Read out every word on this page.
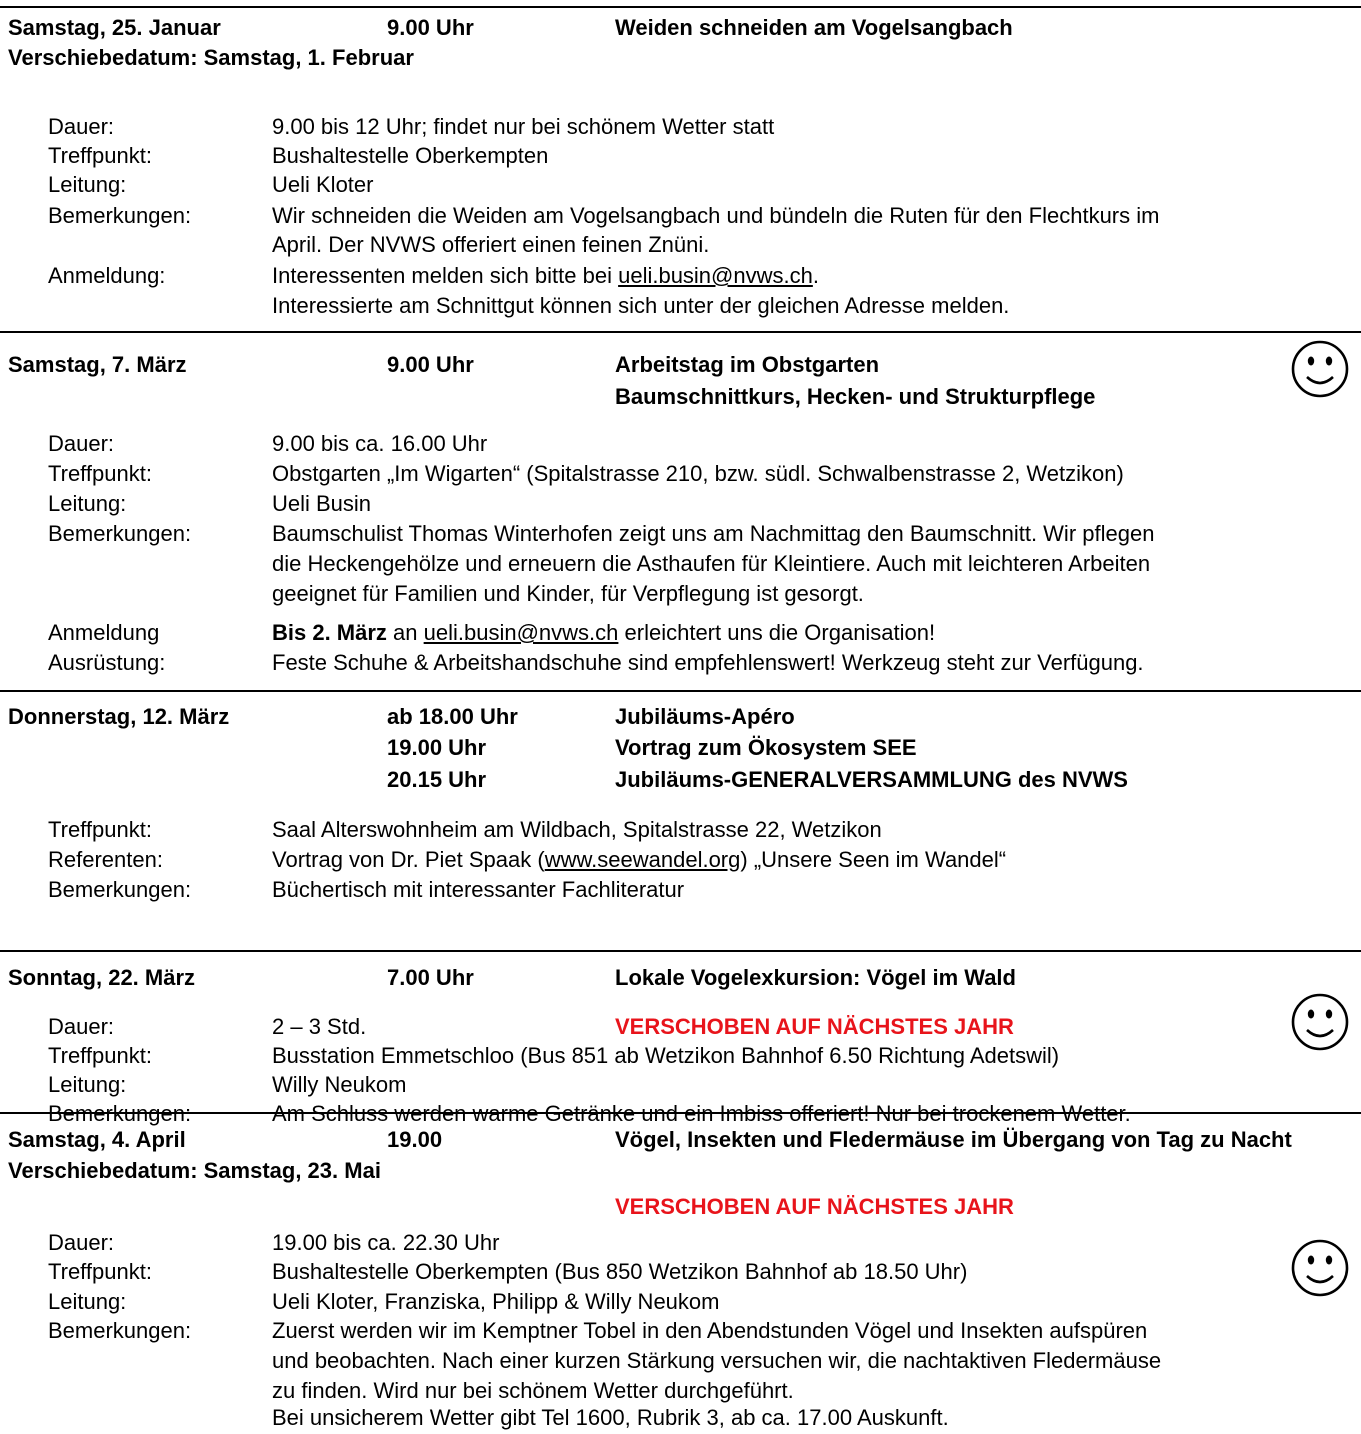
Samstag, 25. Januar	9.00 Uhr	Weiden schneiden am Vogelsangbach
Verschiebedatum: Samstag, 1. Februar
Dauer:	9.00 bis 12 Uhr; findet nur bei schönem Wetter statt
Treffpunkt:	Bushaltestelle Oberkempten
Leitung:	Ueli Kloter
Bemerkungen:	Wir schneiden die Weiden am Vogelsangbach und bündeln die Ruten für den Flechtkurs im
April. Der NVWS offeriert einen feinen Znüni.
Anmeldung:	Interessenten melden sich bitte bei ueli.busin@nvws.ch.
Interessierte am Schnittgut können sich unter der gleichen Adresse melden.
Samstag, 7. März	9.00 Uhr	Arbeitstag im Obstgarten
Baumschnittkurs, Hecken- und Strukturpflege
Dauer:	9.00 bis ca. 16.00 Uhr
Treffpunkt:	Obstgarten „Im Wigarten“ (Spitalstrasse 210, bzw. südl. Schwalbenstrasse 2, Wetzikon)
Leitung:	Ueli Busin
Bemerkungen:	Baumschulist Thomas Winterhofen zeigt uns am Nachmittag den Baumschnitt. Wir pflegen
die Heckengehölze und erneuern die Asthaufen für Kleintiere. Auch mit leichteren Arbeiten
geeignet für Familien und Kinder, für Verpflegung ist gesorgt.
Anmeldung	Bis 2. März an ueli.busin@nvws.ch erleichtert uns die Organisation!
Ausrüstung:	Feste Schuhe & Arbeitshandschuhe sind empfehlenswert! Werkzeug steht zur Verfügung.
Donnerstag, 12. März	ab 18.00 Uhr	Jubiläums-Apéro
19.00 Uhr	Vortrag zum Ökosystem SEE
20.15 Uhr	Jubiläums-GENERALVERSAMMLUNG des NVWS
Treffpunkt:	Saal Alterswohnheim am Wildbach, Spitalstrasse 22, Wetzikon
Referenten:	Vortrag von Dr. Piet Spaak (www.seewandel.org) „Unsere Seen im Wandel“
Bemerkungen:	Büchertisch mit interessanter Fachliteratur
Sonntag, 22. März	7.00 Uhr	Lokale Vogelexkursion: Vögel im Wald
Dauer:	2 – 3 Std.	VERSCHOBEN AUF NÄCHSTES JAHR
Treffpunkt:	Busstation Emmetschloo (Bus 851 ab Wetzikon Bahnhof 6.50 Richtung Adetswil)
Leitung:	Willy Neukom
Bemerkungen:	Am Schluss werden warme Getränke und ein Imbiss offeriert! Nur bei trockenem Wetter.
Samstag, 4. April	19.00	Vögel, Insekten und Fledermäuse im Übergang von Tag zu Nacht
Verschiebedatum: Samstag, 23. Mai
VERSCHOBEN AUF NÄCHSTES JAHR
Dauer:	19.00 bis ca. 22.30 Uhr
Treffpunkt:	Bushaltestelle Oberkempten (Bus 850 Wetzikon Bahnhof ab 18.50 Uhr)
Leitung:	Ueli Kloter, Franziska, Philipp & Willy Neukom
Bemerkungen:	Zuerst werden wir im Kemptner Tobel in den Abendstunden Vögel und Insekten aufspüren
und beobachten. Nach einer kurzen Stärkung versuchen wir, die nachtaktiven Fledermäuse
zu finden. Wird nur bei schönem Wetter durchgeführt.
Bei unsicherem Wetter gibt Tel 1600, Rubrik 3, ab ca. 17.00 Auskunft.
